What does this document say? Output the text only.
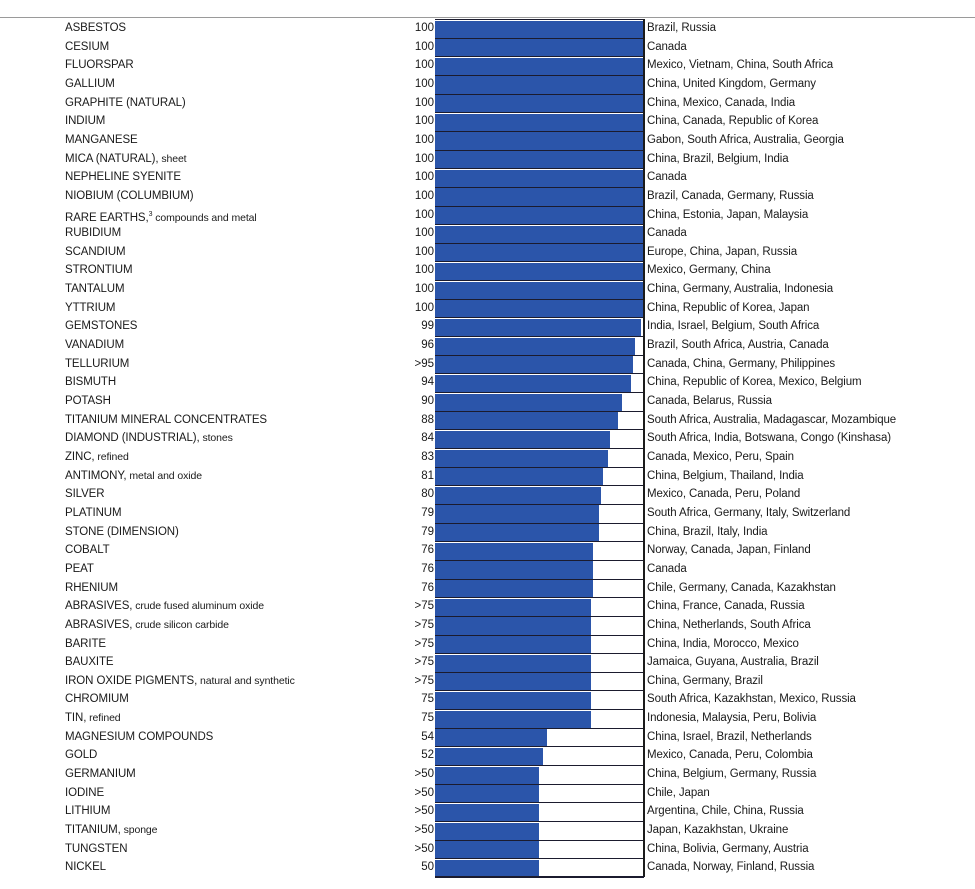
ASBESTOS	100	Brazil, Russia
CESIUM	100	Canada
FLUORSPAR	100	Mexico, Vietnam, China, South Africa
GALLIUM	100	China, United Kingdom, Germany
GRAPHITE (NATURAL)	100	China, Mexico, Canada, India
INDIUM	100	China, Canada, Republic of Korea
MANGANESE	100	Gabon, South Africa, Australia, Georgia
MICA (NATURAL), sheet	100	China, Brazil, Belgium, India
NEPHELINE SYENITE	100	Canada
NIOBIUM (COLUMBIUM)	100	Brazil, Canada, Germany, Russia
RARE EARTHS,$^3$ compounds and metal	100	China, Estonia, Japan, Malaysia
RUBIDIUM	100	Canada
SCANDIUM	100	Europe, China, Japan, Russia
STRONTIUM	100	Mexico, Germany, China
TANTALUM	100	China, Germany, Australia, Indonesia
YTTRIUM	100	China, Republic of Korea, Japan
GEMSTONES	99	India, Israel, Belgium, South Africa
VANADIUM	96	Brazil, South Africa, Austria, Canada
TELLURIUM	>95	Canada, China, Germany, Philippines
BISMUTH	94	China, Republic of Korea, Mexico, Belgium
POTASH	90	Canada, Belarus, Russia
TITANIUM MINERAL CONCENTRATES	88	South Africa, Australia, Madagascar, Mozambique
DIAMOND (INDUSTRIAL), stones	84	South Africa, India, Botswana, Congo (Kinshasa)
ZINC, refined	83	Canada, Mexico, Peru, Spain
ANTIMONY, metal and oxide	81	China, Belgium, Thailand, India
SILVER	80	Mexico, Canada, Peru, Poland
PLATINUM	79	South Africa, Germany, Italy, Switzerland
STONE (DIMENSION)	79	China, Brazil, Italy, India
COBALT	76	Norway, Canada, Japan, Finland
PEAT	76	Canada
RHENIUM	76	Chile, Germany, Canada, Kazakhstan
ABRASIVES, crude fused aluminum oxide	>75	China, France, Canada, Russia
ABRASIVES, crude silicon carbide	>75	China, Netherlands, South Africa
BARITE	>75	China, India, Morocco, Mexico
BAUXITE	>75	Jamaica, Guyana, Australia, Brazil
IRON OXIDE PIGMENTS, natural and synthetic	>75	China, Germany, Brazil
CHROMIUM	75	South Africa, Kazakhstan, Mexico, Russia
TIN, refined	75	Indonesia, Malaysia, Peru, Bolivia
MAGNESIUM COMPOUNDS	54	China, Israel, Brazil, Netherlands
GOLD	52	Mexico, Canada, Peru, Colombia
GERMANIUM	>50	China, Belgium, Germany, Russia
IODINE	>50	Chile, Japan
LITHIUM	>50	Argentina, Chile, China, Russia
TITANIUM, sponge	>50	Japan, Kazakhstan, Ukraine
TUNGSTEN	>50	China, Bolivia, Germany, Austria
NICKEL	50	Canada, Norway, Finland, Russia
